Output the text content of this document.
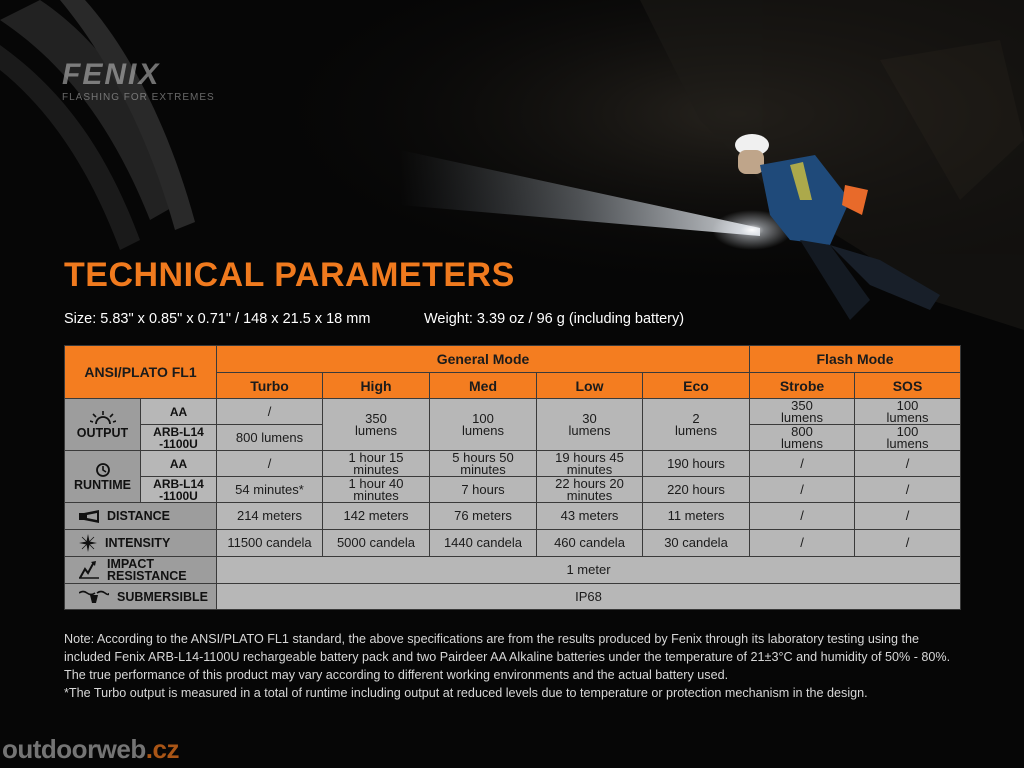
FENIX
FLASHING FOR EXTREMES
TECHNICAL PARAMETERS
Size: 5.83" x 0.85" x 0.71" / 148 x 21.5 x 18 mm	Weight: 3.39 oz / 96 g (including battery)
ANSI/PLATO FL1		General Mode					Flash Mode	
		Turbo	High	Med	Low	Eco	Strobe	SOS

OUTPUT	AA	/	350 lumens	100 lumens	30 lumens	2 lumens	350 lumens	100 lumens
	ARB-L14 -1100U	800 lumens					800 lumens	100 lumens

RUNTIME	AA	/	1 hour 15 minutes	5 hours 50 minutes	19 hours 45 minutes	190 hours	/	/
	ARB-L14 -1100U	54 minutes*	1 hour 40 minutes	7 hours	22 hours 20 minutes	220 hours	/	/

DISTANCE		214 meters	142 meters	76 meters	43 meters	11 meters	/	/

INTENSITY		11500 candela	5000 candela	1440 candela	460 candela	30 candela	/	/

IMPACT RESISTANCE		1 meter						

SUBMERSIBLE		IP68						
Note: According to the ANSI/PLATO FL1 standard, the above specifications are from the results produced by Fenix through its laboratory testing using the included Fenix ARB-L14-1100U rechargeable battery pack and two Pairdeer AA Alkaline batteries under the temperature of 21±3°C and humidity of 50% - 80%. The true performance of this product may vary according to different working environments and the actual battery used.
*The Turbo output is measured in a total of runtime including output at reduced levels due to temperature or protection mechanism in the design.
outdoorweb.cz
